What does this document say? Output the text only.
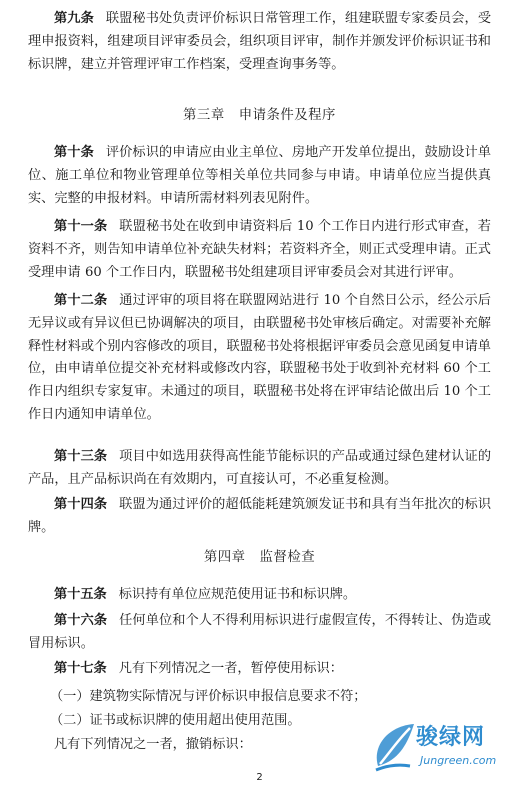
第九条 联盟秘书处负责评价标识日常管理工作，组建联盟专家委员会，受理申报资料，组建项目评审委员会，组织项目评审，制作并颁发评价标识证书和标识牌，建立并管理评审工作档案，受理查询事务等。

第三章 申请条件及程序

第十条 评价标识的申请应由业主单位、房地产开发单位提出，鼓励设计单位、施工单位和物业管理单位等相关单位共同参与申请。申请单位应当提供真实、完整的申报材料。申请所需材料列表见附件。

第十一条 联盟秘书处在收到申请资料后 10 个工作日内进行形式审查，若资料不齐，则告知申请单位补充缺失材料；若资料齐全，则正式受理申请。正式受理申请 60 个工作日内，联盟秘书处组建项目评审委员会对其进行评审。

第十二条 通过评审的项目将在联盟网站进行 10 个自然日公示，经公示后无异议或有异议但已协调解决的项目，由联盟秘书处审核后确定。对需要补充解释性材料或个别内容修改的项目，联盟秘书处将根据评审委员会意见函复申请单位，由申请单位提交补充材料或修改内容，联盟秘书处于收到补充材料 60 个工作日内组织专家复审。未通过的项目，联盟秘书处将在评审结论做出后 10 个工作日内通知申请单位。

第十三条 项目中如选用获得高性能节能标识的产品或通过绿色建材认证的产品，且产品标识尚在有效期内，可直接认可，不必重复检测。

第十四条 联盟为通过评价的超低能耗建筑颁发证书和具有当年批次的标识牌。

第四章 监督检查

第十五条 标识持有单位应规范使用证书和标识牌。

第十六条 任何单位和个人不得利用标识进行虚假宣传，不得转让、伪造或冒用标识。

第十七条 凡有下列情况之一者，暂停使用标识：

（一）建筑物实际情况与评价标识申报信息要求不符；

（二）证书或标识牌的使用超出使用范围。

凡有下列情况之一者，撤销标识：

2
骏绿网
Jungreen.com
